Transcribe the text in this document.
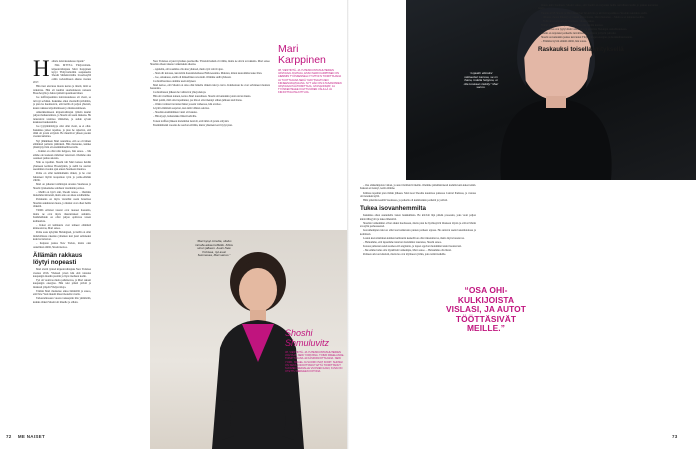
H ahtalo tulevaisuudessa Japani?

Niin MTV3:n Yhdysvaltain-kirjeenvaihtajana Mari Karppinen kysyi Yhdysvaltoihin saapuneelta Shoshi Shmuluvitzilta broadwayllä erään cocktailtauon aikana vuonna 2017.

Hän tiesi elevansa monta kertaa ja mietti, mitä se tarkoittaa. Hän oli kuullut suomalaisesta naisesta Broadwaylla ja halusi päästä tapaamaan hänet.

Jos treffitapaamista tulevaisuudessa oli viesti, se tuli nyt selväksi. Kaksikko alkoi viestitellä päivittäin, ja pian he huomasivat, että heillä oli paljon yhteistä, kuten rakkaus kirjoittamiseen ja matkustamiseen.

Amerikkalaiseen kirjeenvaihtajan työhön kuului paljon matkustamista, ja Shoshi oli usein mukana. He tutustuivat toisiinsa vähitellen, ja suhde syveni kuukausi kuukaudelta.

Jos tyytymättömyys olisi ollut viesti, se ei ollut. Kaksikko jatkoi tapailua, ja pian he tajusivat, että tämä oli jotain erityistä. He muuttivat yhteen puolen vuoden kuluttua.

Nyt jälkikäteen Mari naurahtaa, että se oli hänen elämänsä parhaita päätöksiä. Hän muistelee, kuinka jännittynyt hän oli ensimmäisellä kerralla.

– Kaikki on ollut niin helppoa, hän sanoo. – Me emme ole koskaan riidelleet vakavasti. Olemme aina osanneet puhua asioista.

Niin se tapahtui. Shoshi tuli Mari kanssa heidän yhteiseen kotiinsa Brooklyniin, ja siellä he asuivat useamman vuoden ajan ennen Suomeen muuttoa.

Perhe on ollut kummallekin tärkeä, ja he ovat halunneet löytää tasapainon työn ja perhe-elämän välillä.

Mari on jatkanut toimittajan uraansa Suomessa ja Shoshi työskentelee edelleen viestinnän parissa.

– Meillä on hyvä arki, Shoshi toteaa. – Olemme molemmat kiireisiä, mutta aina on aikaa toisillemme.

Pariskunta on myös vieraillut usein Israelissa Shoshin sukulaisten luona, ja matkat ovat olleet heille tärkeitä.

Välillä erilaiset taustat ovat tuoneet haasteita, mutta ne ovat myös rikastuttaneet suhdetta. Kummallakin on ollut paljon opittavaa toisen kulttuurista.

– Kaksi eri kulttuuria ovat tehneet elämästä kiinnostavaa, Mari sanoo.

Perhe asuu nykyään Helsingissä, ja heillä on ollut mahdollisuus rakentaa yhteinen koti juuri sellaiseksi kuin he haluavat.

– Kaipaan joskus New Yorkia, mutta olen onnellinen täällä, Shoshi kertoo.

Ällämän rakkaus löytyi nopeasti

Mari aloitti työnsä kirjeenvaihtajana New Yorkissa vuonna 2016. Yhdessä yössä hän ehti tutustua kaupungin moniin puoliin ja löysi itselleen kodin.

Työ oli vaativaa mutta palkitsevaa, ja Mari rakasti kaupungin energiaa. Hän teki pitkiä päiviä ja matkusti ympäri Yhdysvaltoja.

Tänään Mari muistelee aikaa lämmöllä ja sanoo, että New York muutti hänet monella tavalla.

Tarkastellessaan vuosia taaksepäin hän ymmärtää, kuinka tärkeä Shoshi oli hänelle jo silloin.

New Yorkissa ei juuri työaikaa puolisoille. Yhteisiä hetkiä oli vähän, mutta ne olivat arvokkaita. Mari sanoo Shoshin olleen tukena vaikeinakin aikoina.

– Ajattelin, että saamme olla aina yhdessä, mutta työt veivät ajan.

– Sinä olit kuvassa, kun kävin haastattelemassa Halloweenina. Muistan, miten nauroimme koko illan.

– Joo, Alaskassa, siellä oli ihmeellinen revontuli. Olimme siellä yhdessä.

Cocktailbaarissa olemme usein käyneet.

Mari kertoo, että Shoshi on aina ollut hänelle tärkein tuki ja turva. Kahdestaan he ovat selvinneet monista haasteista.

Cocktailtauon jälkeen he vaihtoivat yhteystietoja.

Hän oli tavallinen nainen, kertoo Mari naurahtaen. Shoshi oli kuitenkin jotain aivan muuta.

Mari pohtii, mitä olisi tapahtunut, jos hän ei olisi mennyt siihen juhlaan sinä iltana.

– Olisin varmasti tavannut hänet jossain vaiheessa, hän arvelee.

Löydöt elämästä saapuvat, kun niitä vähiten odottaa.

– Shoshin ensimmäinen viesti oli hauska.

– Hän kysyi, haluaisinko lähteä kahville.

Toisen treffien jälkeen molemmat tiesivät, että tämä oli jotain erityistä.

Ensimmäisinä vuosina he asuivat erillään, mutta yhteinen koti löytyi pian.

Mari
Karppinen
38, VIESTINTÄ- JA YHTEISKUNTASUHTEIDEN VASTAAVA JOHTAJA, ESSO MARI KARPPINEN ON AIEMMIN TYÖSKENNELLYT MTV3:N TOIMITTAJANA JA TUOTTAJANA SEKÄ YHDYSVALTOJEN KIRJEENVAIHTAJANA. NYT HÄN ON ILTASANOMIEN VASTAAVA PÄÄTOIMITTAJA, ILTASANOMAT, JA TYÖSKENTELEE KULTTUURIEN VÄLILLÄ JA KIRJOITTAA PALKITTUJA.
“Mari kysyi minulta, olisiko minulla aikaa treffeille. Kiitos sinun jälkeen. Asuin New Yorkissa, nyt asun Suomessa, Mari sanoo.”
Shoshi
Shmuluvitz
38, VIESTINTÄ- JA YHTEISKUNTASUHTEIDEN JOHTAJA, NEW YORKISSA. TOIMII FREELANCE-TOIMITTAJANA JA KÄSIKIRJOITTAJANA. NEW YORK, ISRAEL JA SUOMI OVAT KODIT. SHOSHI ON SEKÄ KIRJOITTANUT ETTÄ TOIMITTANUT SUOMEN MEDIALLE VUOSIEN AJAN, KUVA ON OTETTU PERHEEN KOTONA.
72 ME NAISET
“Lojaalin elämäni rakkauden kanssa, se on ihana, todella helppoa, ei olla koskaan riidelty.” Mari sanoo.

– Osa ohikulkijoista vislasi, ja autot tööttäsivät meille. Olemme pääsääntöisesti kadulla kuin kaksi teiniä. Kukaan ei tiennyt, keitä olimme.

Kihlaus tapahtui pian tämän jälkeen. Mari kosi Shoshia kauniissa paikassa Central Parkissa, ja vastaus oli tietenkin kyllä.

Häät pidettiin kesällä Suomessa, ja paikalla oli kummankin perheitä ja ystäviä.

Tukea isovanhemmilta

Kaksikko alkoi suunnitella lasten hankkimista. He kävivät läpi pitkän prosessin, joka vaati paljon kärsivällisyyttä ja tukea läheisiltä.

Shoshin vanhemmat olivat aluksi huolissaan, mutta pian he hyväksyivät tilanteen täysin ja ottivat Marin avosylin perheeseensä.

Isovanhempien tuki on ollut korvaamatonta pienen perheen arjessa. He auttavat usein lastenhoidossa ja kotitöissä.

Lasten kasvattaminen kahden kulttuurin keskellä on ollut rikastuttavaa, mutta myös haastavaa.

– Haluamme, että lapsemme tuntevat molemmat taustansa, Shoshi sanoo.

Kotona puhutaan sekä suomea että englantia, ja lapset oppivat molemmat kielet luontevasti.

– Me emme halua olla täydellisiä vanhempia, Mari sanoo. – Haluamme olla läsnä.

Perheen arki on kiireistä, mutta he ovat löytäneet rytmin, joka toimii kaikille.

“OSA OHI-KULKIJOISTA VISLASI, JA AUTOT TÖÖTTÄSIVÄT MEILLE.”

muuta kuin Suomeen. Shoshi sanoo, että Suomi on tarjonnut heille turvallisen kodin ja paikan kasvattaa lapsia.

Vuonna 2018 Shoshi ja Mari muuttivat Tel Aviviin ja kävivät tapaamassa Shoshin sukulaisia siellä.

– Ilmasto, meren läheisyys ja ruoka olivat ihania, Mari muistelee. – Mutta se ei tuntunut kodilta.

– Tulin aina kaipaamaan Suomeen, Shoshi jatkaa.

Niinpä päätös tehtiin yhdessä: Suomi olisi heidän kotinsa.

Nykyään he ovat tyytyväisiä valintaansa ja nauttivat Helsingin rauhallisuudesta.

Suomi on tarjonnut perheelle turvallisen ympäristön ja hyvät palvelut.

Shoshi on kuitenkin joskus kaivannut Yhdysvaltojen energiaa ja monikulttuurisuutta.

– Elämme hyvää elämää täällä, hän toteaa.

Raskauksi toisella yrityksellä
73
